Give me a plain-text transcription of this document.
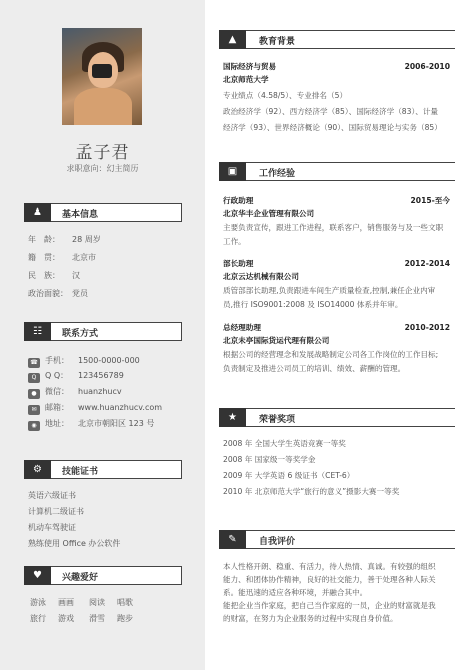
孟子君
求职意向：幻主简历
♟	基本信息
年　龄： 28 周岁
籍　贯： 北京市
民　族： 汉
政治面貌： 党员
☷	联系方式
☎ 手机： 1500-0000-000
Q Q Q： 123456789
● 微信： huanzhucv
✉ 邮箱： www.huanzhucv.com
◉ 地址： 北京市朝阳区 123 号
⚙	技能证书
英语六级证书
计算机二级证书
机动车驾驶证
熟练使用 Office 办公软件
♥	兴趣爱好
游泳 画画 阅读 唱歌
旅行 游戏 滑雪 跑步
▲	教育背景
国际经济与贸易	2006-2010
北京师范大学
专业绩点（4.58/5）、专业排名（5）
政治经济学（92）、西方经济学（85）、国际经济学（83）、计量
经济学（93）、世界经济概论（90）、国际贸易理论与实务（85）
▣	工作经验
行政助理	2015-至今
北京华丰企业管理有限公司
主要负责宣传，跟进工作进程，联系客户，销售服务与及一些文职
工作。
部长助理	2012-2014
北京云达机械有限公司
质管部部长助理,负责跟进车间生产质量检查,控制,兼任企业内审
员,推行 ISO9001:2008 及 ISO14000 体系并年审。
总经理助理	2010-2012
北京未亭国际货运代理有限公司
根据公司的经营理念和发展战略制定公司各工作岗位的工作目标;
负责制定及推进公司员工的培训、绩效、薪酬的管理。
★	荣誉奖项
2008 年 全国大学生英语竞赛一等奖
2008 年 国家级一等奖学金
2009 年 大学英语 6 级证书（CET-6）
2010 年 北京师范大学“旅行的意义”摄影大赛一等奖
✎	自我评价
本人性格开朗、稳重、有活力，待人热情、真诚。有较强的组织
能力、和团体协作精神，良好的社交能力，善于处理各种人际关
系。能迅速的适应各种环境，并融合其中。
能把企业当作家庭，把自己当作家庭的一员，企业的财富就是我
的财富，在努力为企业服务的过程中实现自身价值。
